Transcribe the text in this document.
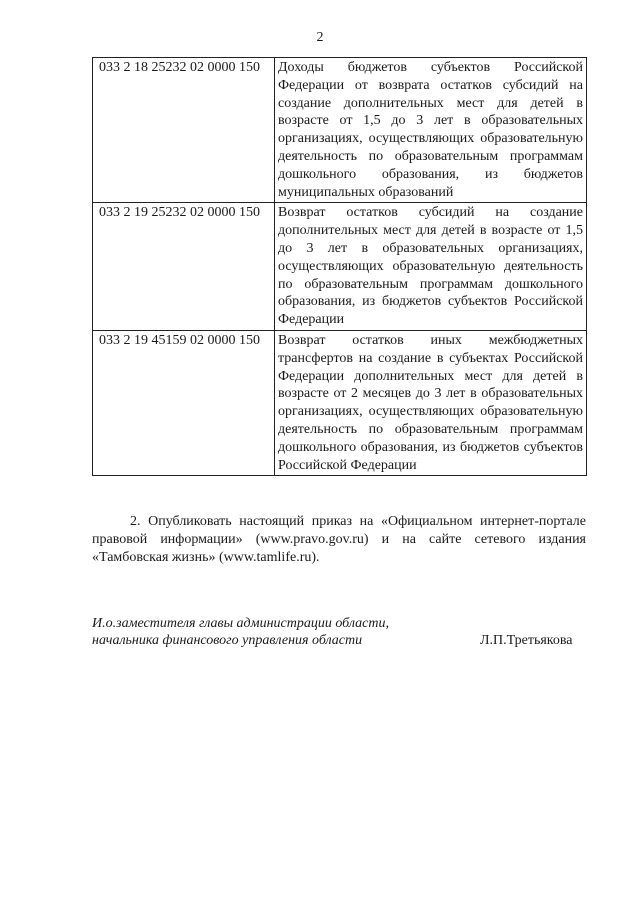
2
033 2 18 25232 02 0000 150	Доходы бюджетов субъектов Российской Федерации от возврата остатков субсидий на создание дополнительных мест для детей в возрасте от 1,5 до 3 лет в образовательных организациях, осуществляющих образовательную деятельность по образовательным программам дошкольного образования, из бюджетов муниципальных образований
033 2 19 25232 02 0000 150	Возврат остатков субсидий на создание дополнительных мест для детей в возрасте от 1,5 до 3 лет в образовательных организациях, осуществляющих образовательную деятельность по образовательным программам дошкольного образования, из бюджетов субъектов Российской Федерации
033 2 19 45159 02 0000 150	Возврат остатков иных межбюджетных трансфертов на создание в субъектах Российской Федерации дополнительных мест для детей в возрасте от 2 месяцев до 3 лет в образовательных организациях, осуществляющих образовательную деятельность по образовательным программам дошкольного образования, из бюджетов субъектов Российской Федерации
2. Опубликовать настоящий приказ на «Официальном интернет-портале правовой информации» (www.pravo.gov.ru) и на сайте сетевого издания «Тамбовская жизнь» (www.tamlife.ru).
И.о.заместителя главы администрации области,
начальника финансового управления области	Л.П.Третьякова
